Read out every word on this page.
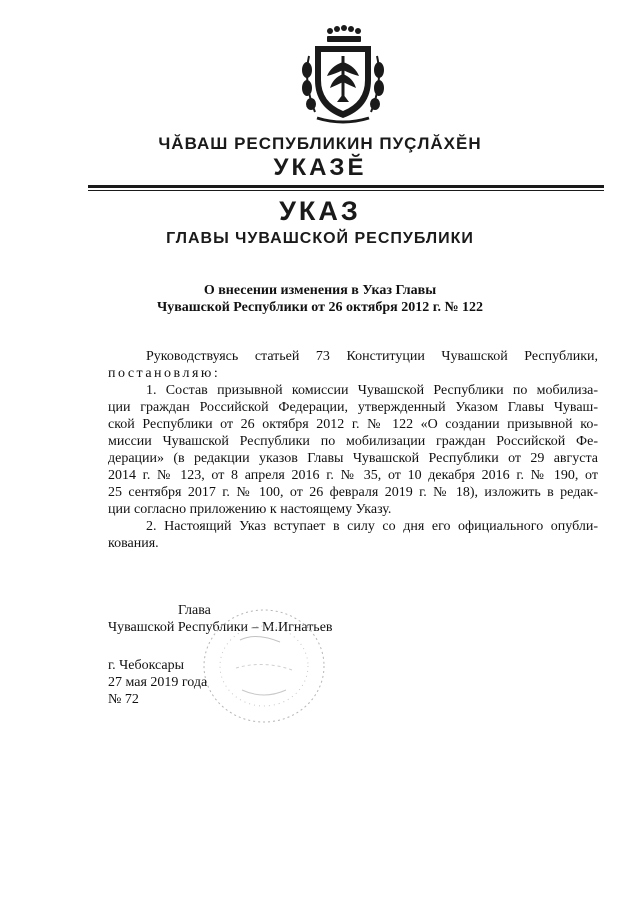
ЧĂВАШ РЕСПУБЛИКИН ПУÇЛĂХĔН
УКАЗĔ
УКАЗ
ГЛАВЫ ЧУВАШСКОЙ РЕСПУБЛИКИ
О внесении изменения в Указ Главы
Чувашской Республики от 26 октября 2012 г. № 122
Руководствуясь статьей 73 Конституции Чувашской Республики,
постановляю:
1. Состав призывной комиссии Чувашской Республики по мобилиза-
ции граждан Российской Федерации, утвержденный Указом Главы Чуваш-
ской Республики от 26 октября 2012 г. № 122 «О создании призывной ко-
миссии Чувашской Республики по мобилизации граждан Российской Фе-
дерации» (в редакции указов Главы Чувашской Республики от 29 августа
2014 г. № 123, от 8 апреля 2016 г. № 35, от 10 декабря 2016 г. № 190, от
25 сентября 2017 г. № 100, от 26 февраля 2019 г. № 18), изложить в редак-
ции согласно приложению к настоящему Указу.
2. Настоящий Указ вступает в силу со дня его официального опубли-
кования.
Глава
Чувашской Республики – М.Игнатьев
г. Чебоксары
27 мая 2019 года
№ 72
